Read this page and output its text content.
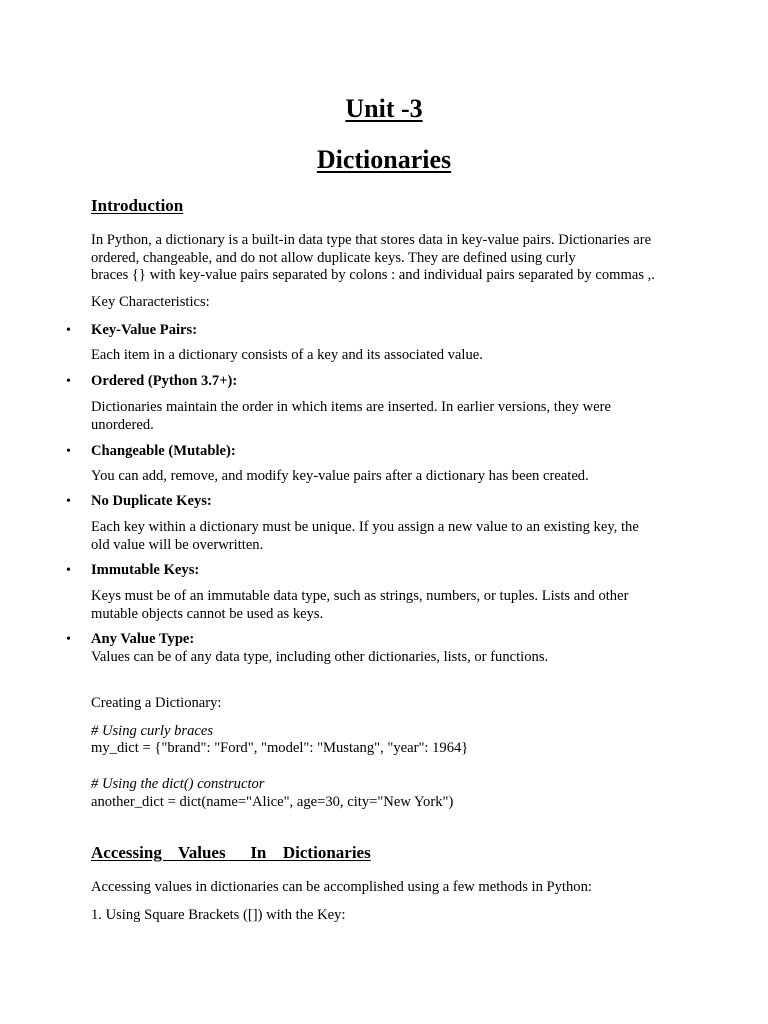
Unit -3
Dictionaries
Introduction
In Python, a dictionary is a built-in data type that stores data in key-value pairs. Dictionaries are
ordered, changeable, and do not allow duplicate keys. They are defined using curly
braces {} with key-value pairs separated by colons : and individual pairs separated by commas ,.
Key Characteristics:
• Key-Value Pairs:
Each item in a dictionary consists of a key and its associated value.
• Ordered (Python 3.7+):
Dictionaries maintain the order in which items are inserted. In earlier versions, they were
unordered.
• Changeable (Mutable):
You can add, remove, and modify key-value pairs after a dictionary has been created.
• No Duplicate Keys:
Each key within a dictionary must be unique. If you assign a new value to an existing key, the
old value will be overwritten.
• Immutable Keys:
Keys must be of an immutable data type, such as strings, numbers, or tuples. Lists and other
mutable objects cannot be used as keys.
• Any Value Type:
Values can be of any data type, including other dictionaries, lists, or functions.
Creating a Dictionary:
# Using curly braces
my_dict = {"brand": "Ford", "model": "Mustang", "year": 1964}
# Using the dict() constructor
another_dict = dict(name="Alice", age=30, city="New York")
Accessing  Values   In  Dictionaries
Accessing values in dictionaries can be accomplished using a few methods in Python:
1. Using Square Brackets ([]) with the Key:
